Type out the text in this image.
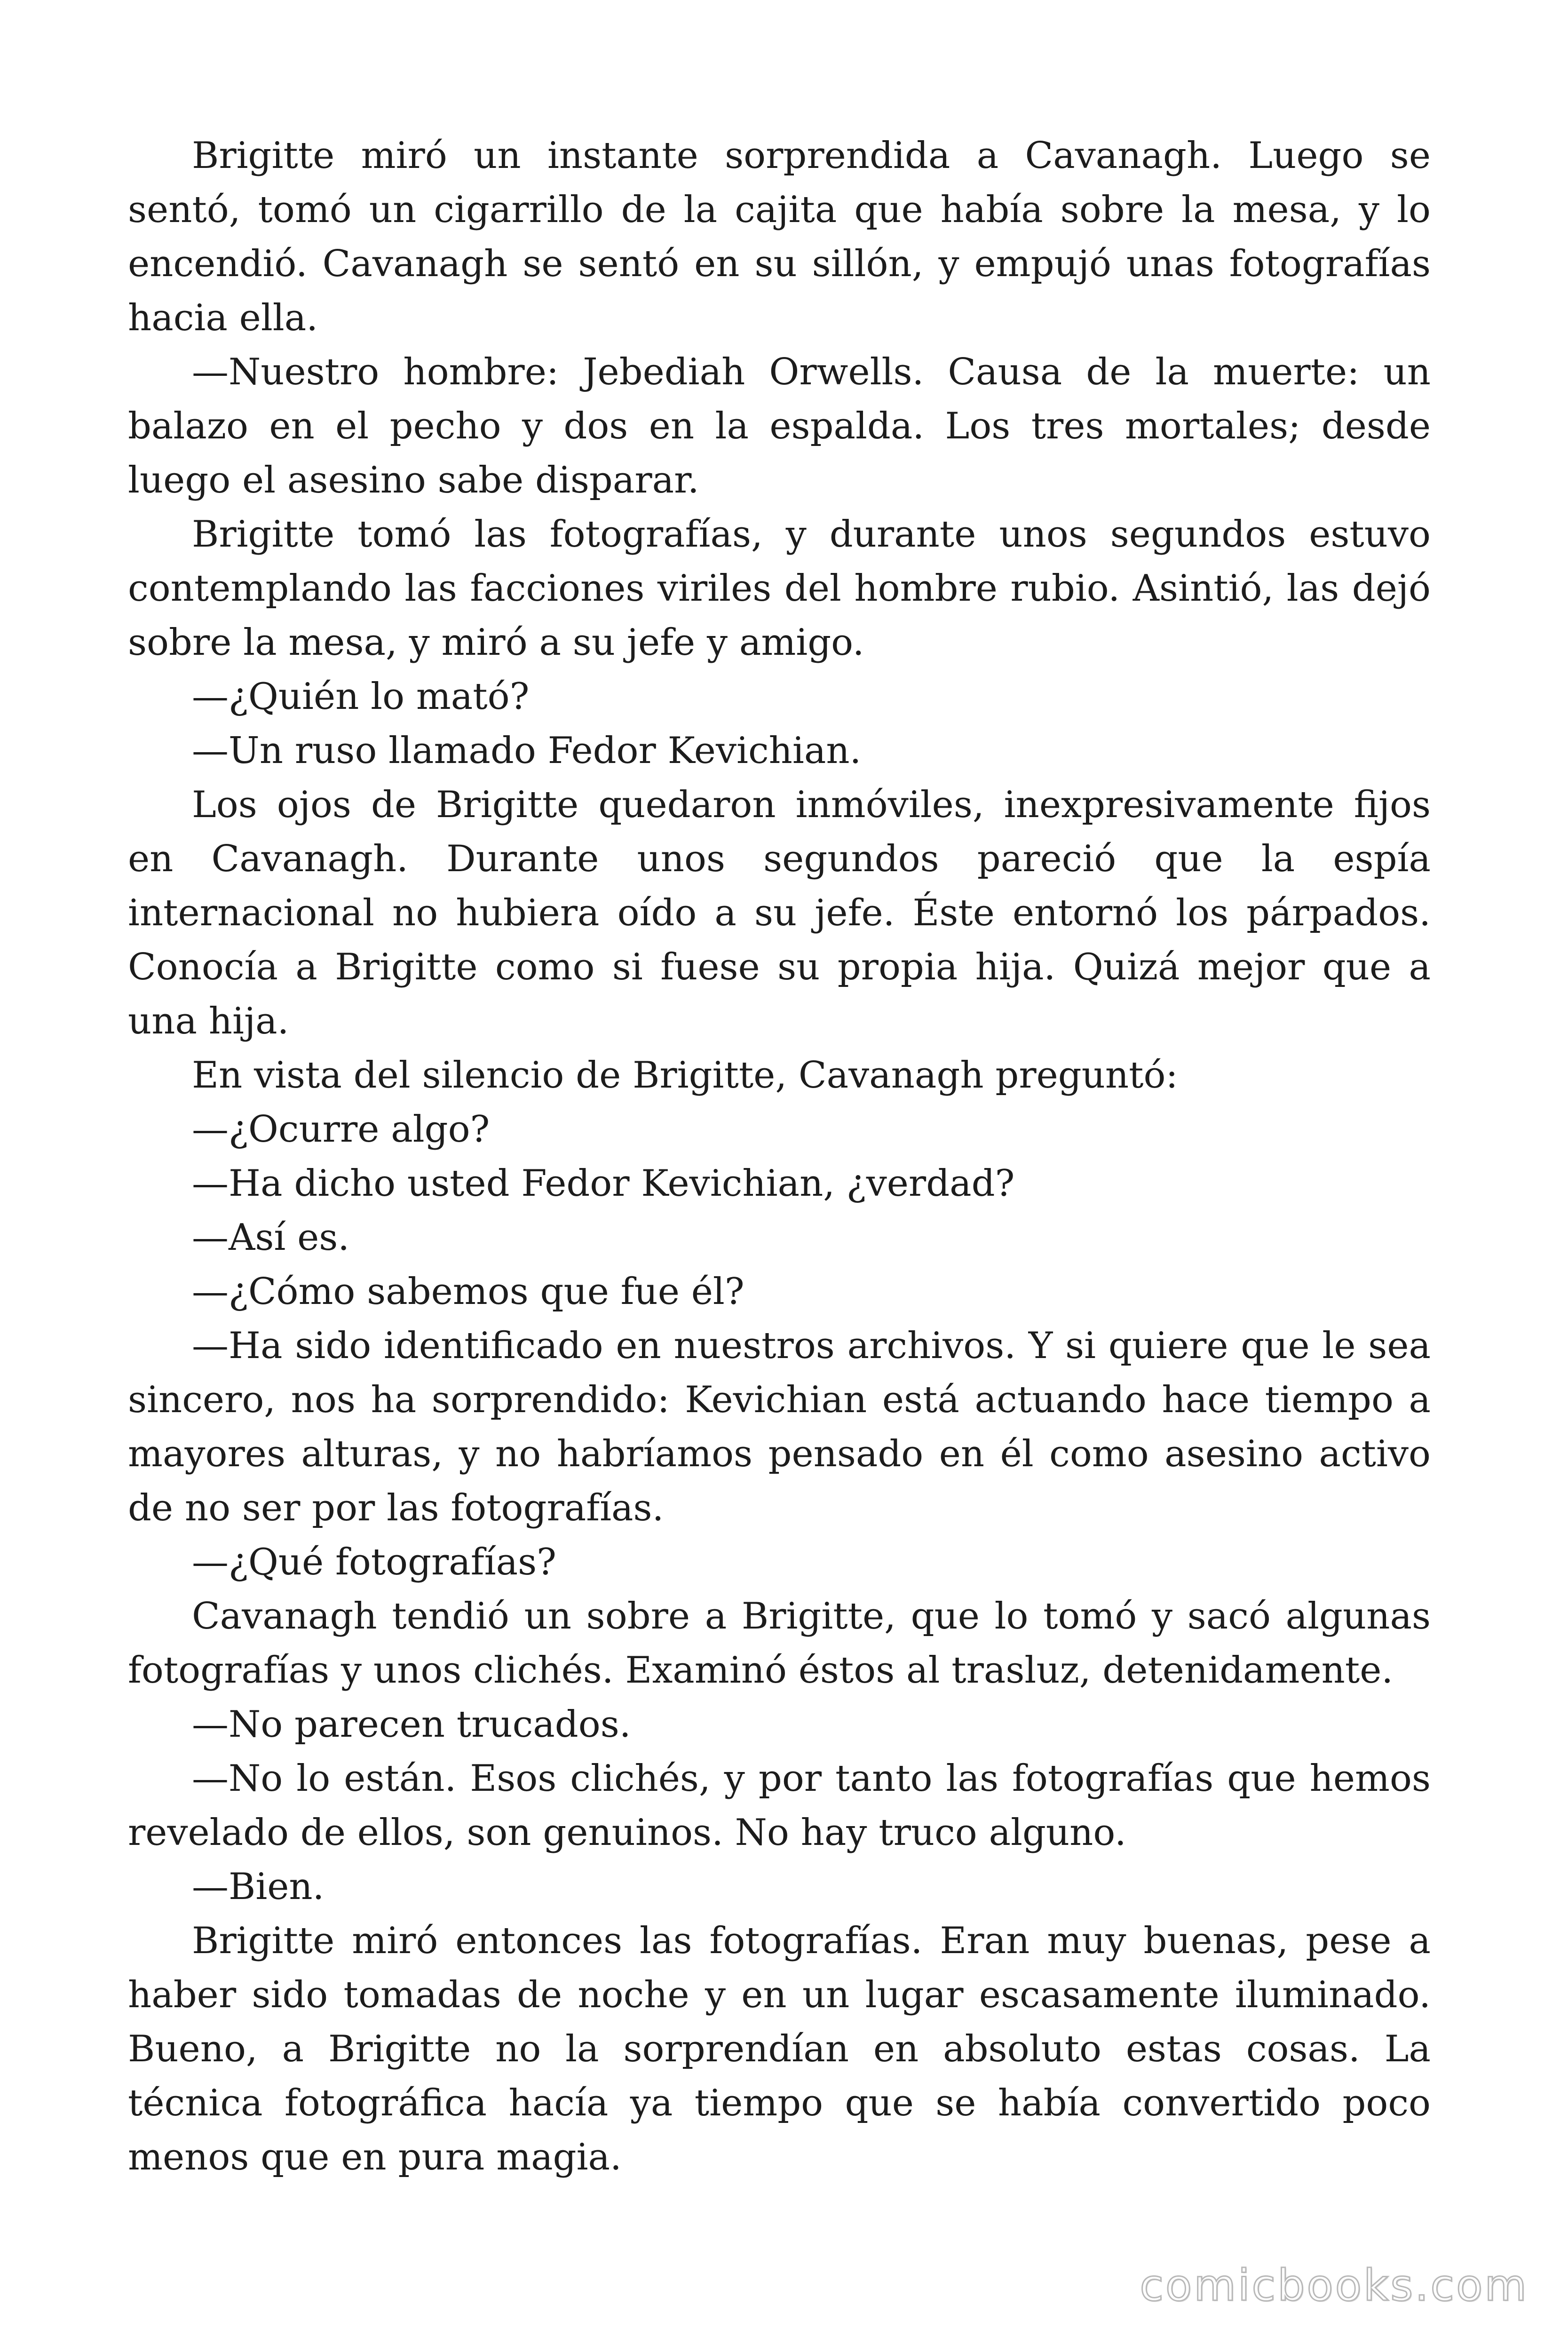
Brigitte miró un instante sorprendida a Cavanagh. Luego se sentó, tomó un cigarrillo de la cajita que había sobre la mesa, y lo encendió. Cavanagh se sentó en su sillón, y empujó unas fotografías hacia ella.

—Nuestro hombre: Jebediah Orwells. Causa de la muerte: un balazo en el pecho y dos en la espalda. Los tres mortales; desde luego el asesino sabe disparar.

Brigitte tomó las fotografías, y durante unos segundos estuvo contemplando las facciones viriles del hombre rubio. Asintió, las dejó sobre la mesa, y miró a su jefe y amigo.

—¿Quién lo mató?

—Un ruso llamado Fedor Kevichian.

Los ojos de Brigitte quedaron inmóviles, inexpresivamente fijos en Cavanagh. Durante unos segundos pareció que la espía internacional no hubiera oído a su jefe. Éste entornó los párpados. Conocía a Brigitte como si fuese su propia hija. Quizá mejor que a una hija.

En vista del silencio de Brigitte, Cavanagh preguntó:

—¿Ocurre algo?

—Ha dicho usted Fedor Kevichian, ¿verdad?

—Así es.

—¿Cómo sabemos que fue él?

—Ha sido identificado en nuestros archivos. Y si quiere que le sea sincero, nos ha sorprendido: Kevichian está actuando hace tiempo a mayores alturas, y no habríamos pensado en él como asesino activo de no ser por las fotografías.

—¿Qué fotografías?

Cavanagh tendió un sobre a Brigitte, que lo tomó y sacó algunas fotografías y unos clichés. Examinó éstos al trasluz, detenidamente.

—No parecen trucados.

—No lo están. Esos clichés, y por tanto las fotografías que hemos revelado de ellos, son genuinos. No hay truco alguno.

—Bien.

Brigitte miró entonces las fotografías. Eran muy buenas, pese a haber sido tomadas de noche y en un lugar escasamente iluminado. Bueno, a Brigitte no la sorprendían en absoluto estas cosas. La técnica fotográfica hacía ya tiempo que se había convertido poco menos que en pura magia.

comicbooks.com
